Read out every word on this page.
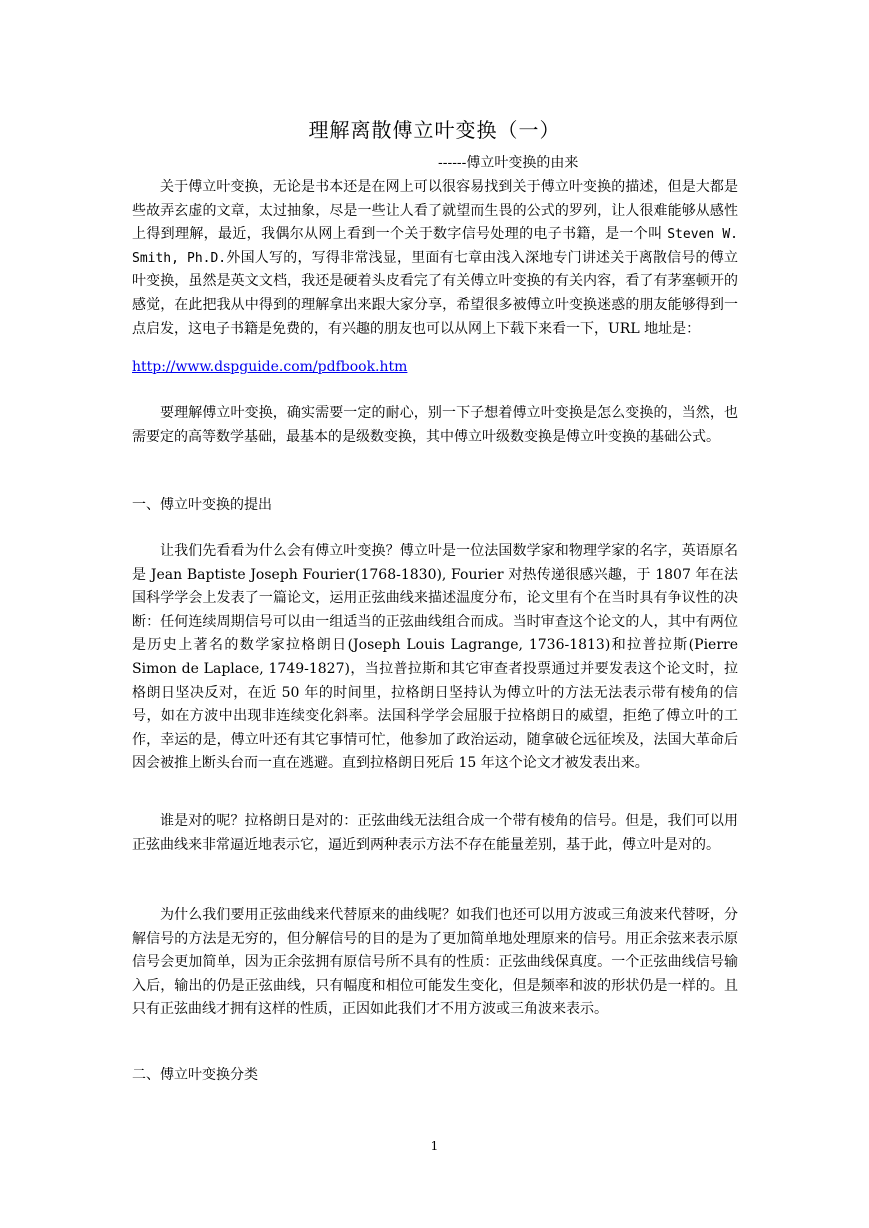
理解离散傅立叶变换（一）
------傅立叶变换的由来
关于傅立叶变换，无论是书本还是在网上可以很容易找到关于傅立叶变换的描述，但是大都是些故弄玄虚的文章，太过抽象，尽是一些让人看了就望而生畏的公式的罗列，让人很难能够从感性上得到理解，最近，我偶尔从网上看到一个关于数字信号处理的电子书籍，是一个叫 Steven W. Smith, Ph.D.外国人写的，写得非常浅显，里面有七章由浅入深地专门讲述关于离散信号的傅立叶变换，虽然是英文文档，我还是硬着头皮看完了有关傅立叶变换的有关内容，看了有茅塞顿开的感觉，在此把我从中得到的理解拿出来跟大家分享，希望很多被傅立叶变换迷惑的朋友能够得到一点启发，这电子书籍是免费的，有兴趣的朋友也可以从网上下载下来看一下，URL 地址是：
http://www.dspguide.com/pdfbook.htm
要理解傅立叶变换，确实需要一定的耐心，别一下子想着傅立叶变换是怎么变换的，当然，也需要定的高等数学基础，最基本的是级数变换，其中傅立叶级数变换是傅立叶变换的基础公式。
一、傅立叶变换的提出
让我们先看看为什么会有傅立叶变换？傅立叶是一位法国数学家和物理学家的名字，英语原名是 Jean Baptiste Joseph Fourier(1768-1830), Fourier 对热传递很感兴趣，于 1807 年在法国科学学会上发表了一篇论文，运用正弦曲线来描述温度分布，论文里有个在当时具有争议性的决断：任何连续周期信号可以由一组适当的正弦曲线组合而成。当时审查这个论文的人，其中有两位是历史上著名的数学家拉格朗日(Joseph Louis Lagrange, 1736-1813)和拉普拉斯(Pierre Simon de Laplace, 1749-1827)，当拉普拉斯和其它审查者投票通过并要发表这个论文时，拉格朗日坚决反对，在近 50 年的时间里，拉格朗日坚持认为傅立叶的方法无法表示带有棱角的信号，如在方波中出现非连续变化斜率。法国科学学会屈服于拉格朗日的威望，拒绝了傅立叶的工作，幸运的是，傅立叶还有其它事情可忙，他参加了政治运动，随拿破仑远征埃及，法国大革命后因会被推上断头台而一直在逃避。直到拉格朗日死后 15 年这个论文才被发表出来。
谁是对的呢？拉格朗日是对的：正弦曲线无法组合成一个带有棱角的信号。但是，我们可以用正弦曲线来非常逼近地表示它，逼近到两种表示方法不存在能量差别，基于此，傅立叶是对的。
为什么我们要用正弦曲线来代替原来的曲线呢？如我们也还可以用方波或三角波来代替呀，分解信号的方法是无穷的，但分解信号的目的是为了更加简单地处理原来的信号。用正余弦来表示原信号会更加简单，因为正余弦拥有原信号所不具有的性质：正弦曲线保真度。一个正弦曲线信号输入后，输出的仍是正弦曲线，只有幅度和相位可能发生变化，但是频率和波的形状仍是一样的。且只有正弦曲线才拥有这样的性质，正因如此我们才不用方波或三角波来表示。
二、傅立叶变换分类
1
